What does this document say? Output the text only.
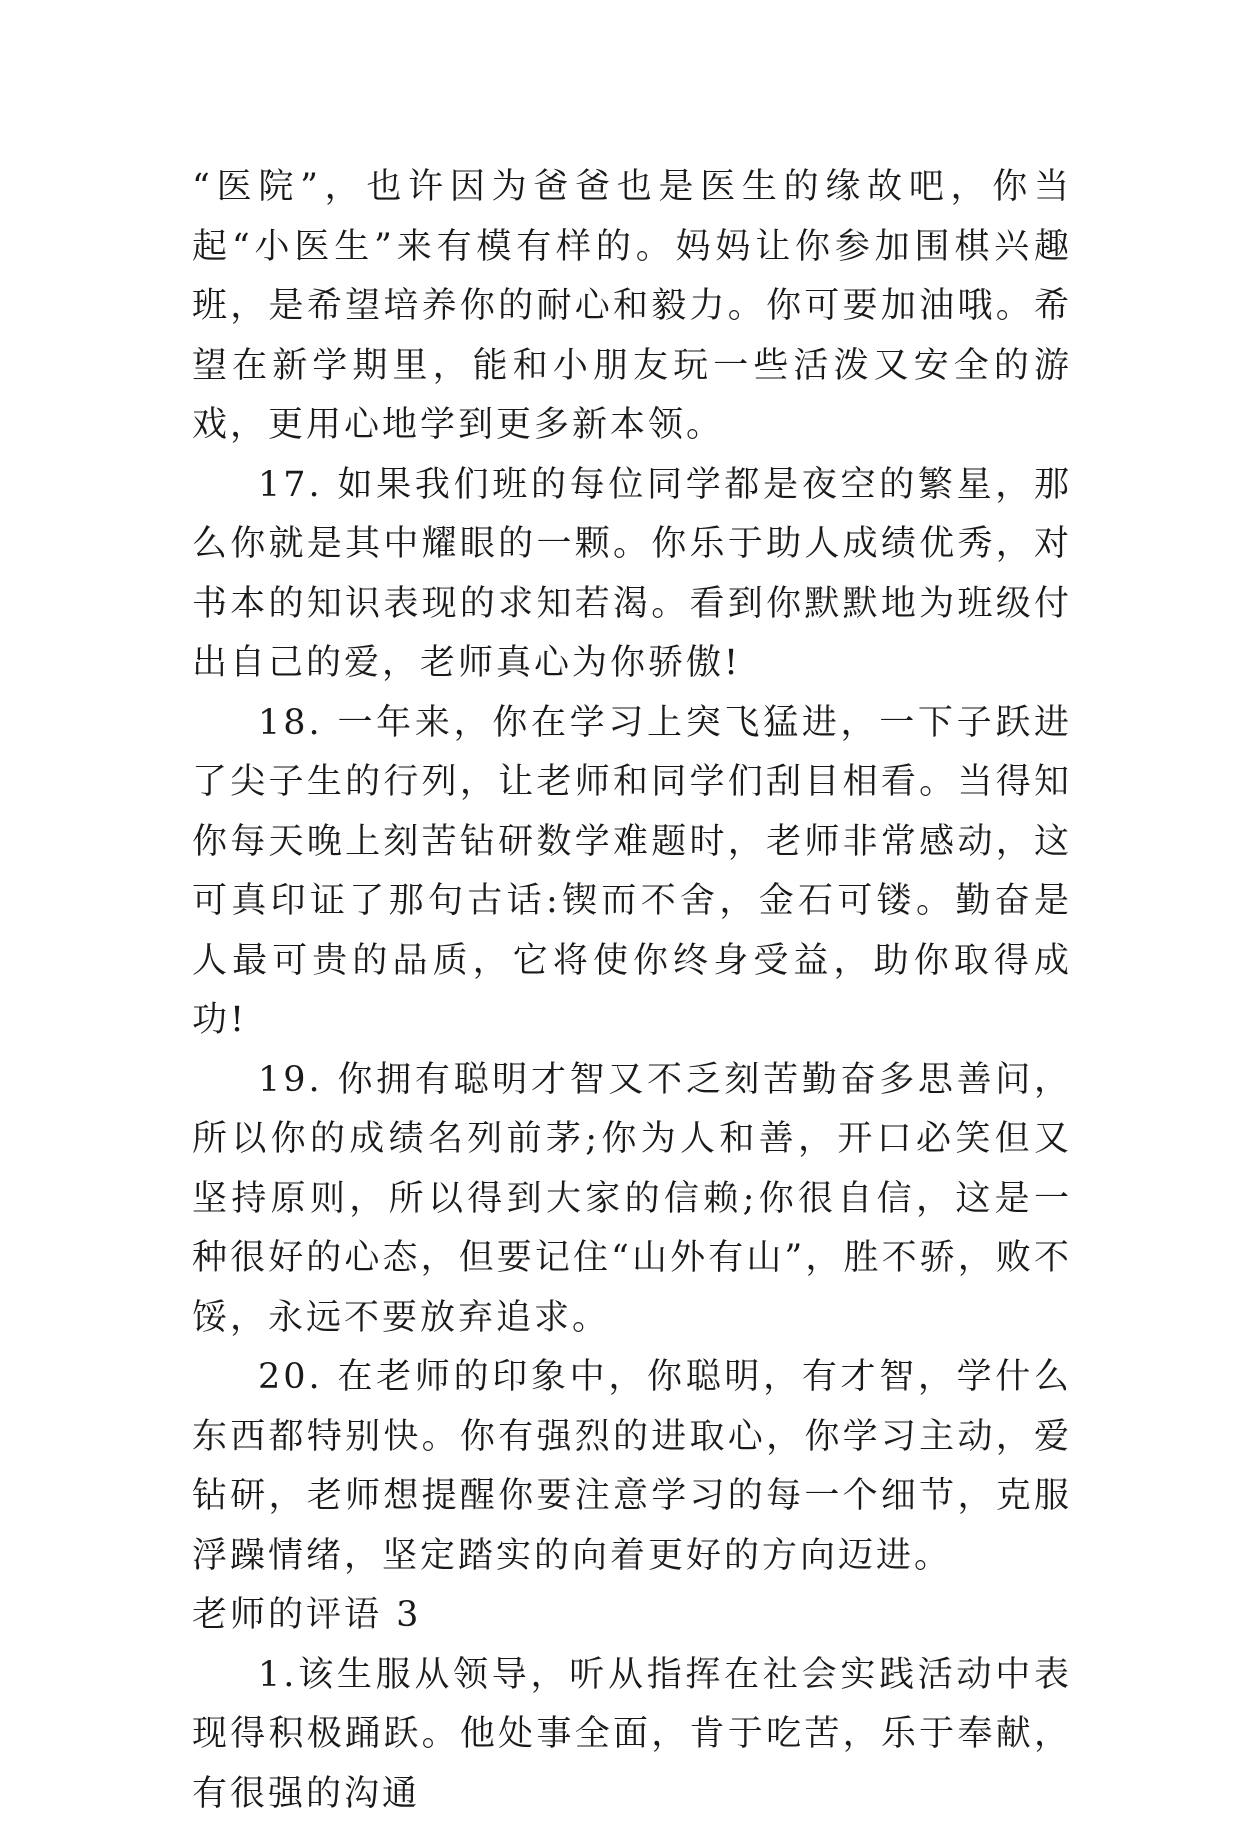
“医院”，也许因为爸爸也是医生的缘故吧，你当起“小医生”来有模有样的。妈妈让你参加围棋兴趣班，是希望培养你的耐心和毅力。你可要加油哦。希望在新学期里，能和小朋友玩一些活泼又安全的游戏，更用心地学到更多新本领。

17. 如果我们班的每位同学都是夜空的繁星，那么你就是其中耀眼的一颗。你乐于助人成绩优秀，对书本的知识表现的求知若渴。看到你默默地为班级付出自己的爱，老师真心为你骄傲!

18. 一年来，你在学习上突飞猛进，一下子跃进了尖子生的行列，让老师和同学们刮目相看。当得知你每天晚上刻苦钻研数学难题时，老师非常感动，这可真印证了那句古话:锲而不舍，金石可镂。勤奋是人最可贵的品质，它将使你终身受益，助你取得成功!

19. 你拥有聪明才智又不乏刻苦勤奋多思善问，所以你的成绩名列前茅;你为人和善，开口必笑但又坚持原则，所以得到大家的信赖;你很自信，这是一种很好的心态，但要记住“山外有山”，胜不骄，败不馁，永远不要放弃追求。

20. 在老师的印象中，你聪明，有才智，学什么东西都特别快。你有强烈的进取心，你学习主动，爱钻研，老师想提醒你要注意学习的每一个细节，克服浮躁情绪，坚定踏实的向着更好的方向迈进。

老师的评语 3

1.该生服从领导，听从指挥在社会实践活动中表现得积极踊跃。他处事全面，肯于吃苦，乐于奉献，有很强的沟通
